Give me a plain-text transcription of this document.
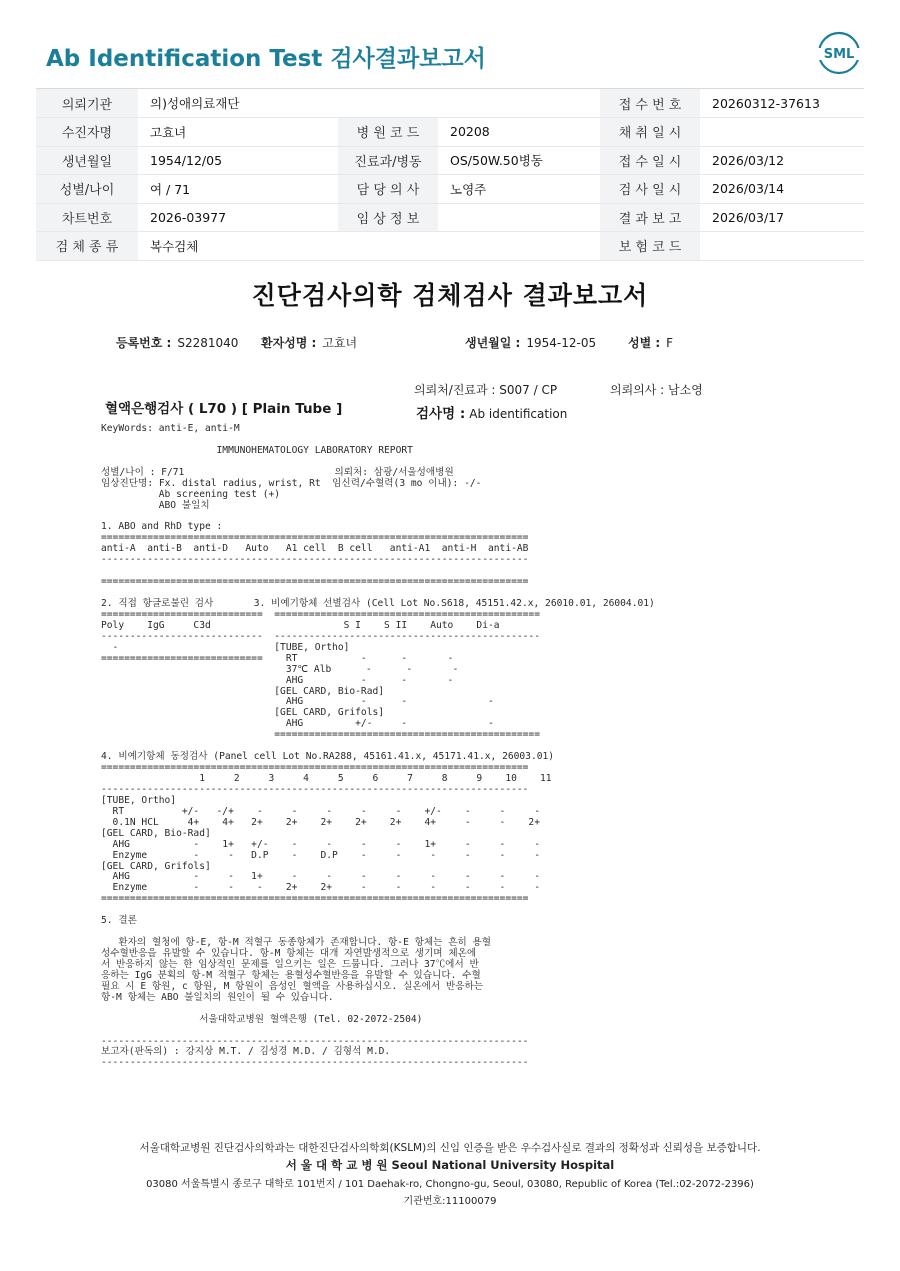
Ab Identification Test 검사결과보고서	SML
의뢰기관	의)성애의료재단			접 수 번 호	20260312-37613
수진자명	고효녀	병 원 코 드	20208	채 취 일 시	
생년월일	1954/12/05	진료과/병동	OS/50W.50병동	접 수 일 시	2026/03/12
성별/나이	여 / 71	담 당 의 사	노영주	검 사 일 시	2026/03/14
차트번호	2026-03977	임 상 정 보		결 과 보 고	2026/03/17
검 체 종 류	복수검체			보 험 코 드	
진단검사의학 검체검사 결과보고서
등록번호 : S2281040 환자성명 : 고효녀	생년월일 : 1954-12-05	성별 : F
의뢰처/진료과 : S007 / CP	의뢰의사 : 남소영
혈액은행검사 ( L70 ) [ Plain Tube ]	검사명 : Ab identification
KeyWords: anti-E, anti-M
IMMUNOHEMATOLOGY LABORATORY REPORT
성별/나이 : F/71                          의뢰처: 삼광/서울성애병원
임상진단명: Fx. distal radius, wrist, Rt  임신력/수혈력(3 mo 이내): -/-
Ab screening test (+)
ABO 불일치
1. ABO and RhD type :
==========================================================================
anti-A  anti-B  anti-D   Auto   A1 cell  B cell   anti-A1  anti-H  anti-AB
--------------------------------------------------------------------------
==========================================================================
2. 직접 항글로불린 검사       3. 비예기항체 선별검사 (Cell Lot No.S618, 45151.42.x, 26010.01, 26004.01)
============================  ==============================================
Poly    IgG     C3d                       S I    S II    Auto    Di-a
----------------------------  ----------------------------------------------
-                           [TUBE, Ortho]
============================    RT           -      -       -
37℃ Alb      -      -       -
AHG          -      -       -
[GEL CARD, Bio-Rad]
AHG          -      -              -
[GEL CARD, Grifols]
AHG         +/-     -              -
==============================================
4. 비예기항체 동정검사 (Panel cell Lot No.RA288, 45161.41.x, 45171.41.x, 26003.01)
==========================================================================
1     2     3     4     5     6     7     8     9    10    11
--------------------------------------------------------------------------
[TUBE, Ortho]
RT          +/-   -/+    -     -     -     -     -    +/-    -     -     -
0.1N HCL     4+    4+   2+    2+    2+    2+    2+    4+     -     -    2+
[GEL CARD, Bio-Rad]
AHG           -    1+   +/-    -     -     -     -    1+     -     -     -
Enzyme        -     -   D.P    -    D.P    -     -     -     -     -     -
[GEL CARD, Grifols]
AHG           -     -   1+     -     -     -     -     -     -     -     -
Enzyme        -     -    -    2+    2+     -     -     -     -     -     -
==========================================================================
5. 결론
환자의 혈청에 항-E, 항-M 적혈구 동종항체가 존재합니다. 항-E 항체는 흔히 용혈
성수혈반응을 유발할 수 있습니다. 항-M 항체는 대개 자연발생적으로 생기며 체온에
서 반응하지 않는 한 임상적인 문제를 일으키는 일은 드뭅니다. 그러나 37℃에서 반
응하는 IgG 분획의 항-M 적혈구 항체는 용혈성수혈반응을 유발할 수 있습니다. 수혈
필요 시 E 항원, c 항원, M 항원이 음성인 혈액을 사용하십시오. 실온에서 반응하는
항-M 항체는 ABO 불일치의 원인이 될 수 있습니다.
서울대학교병원 혈액은행 (Tel. 02-2072-2504)
--------------------------------------------------------------------------
보고자(판독의) : 강지상 M.T. / 김성경 M.D. / 김형석 M.D.
--------------------------------------------------------------------------
서울대학교병원 진단검사의학과는 대한진단검사의학회(KSLM)의 신임 인증을 받은 우수검사실로 결과의 정확성과 신뢰성을 보증합니다.
서 울 대 학 교 병 원 Seoul National University Hospital
03080 서울특별시 종로구 대학로 101번지 / 101 Daehak-ro, Chongno-gu, Seoul, 03080, Republic of Korea (Tel.:02-2072-2396)
기관번호:11100079
